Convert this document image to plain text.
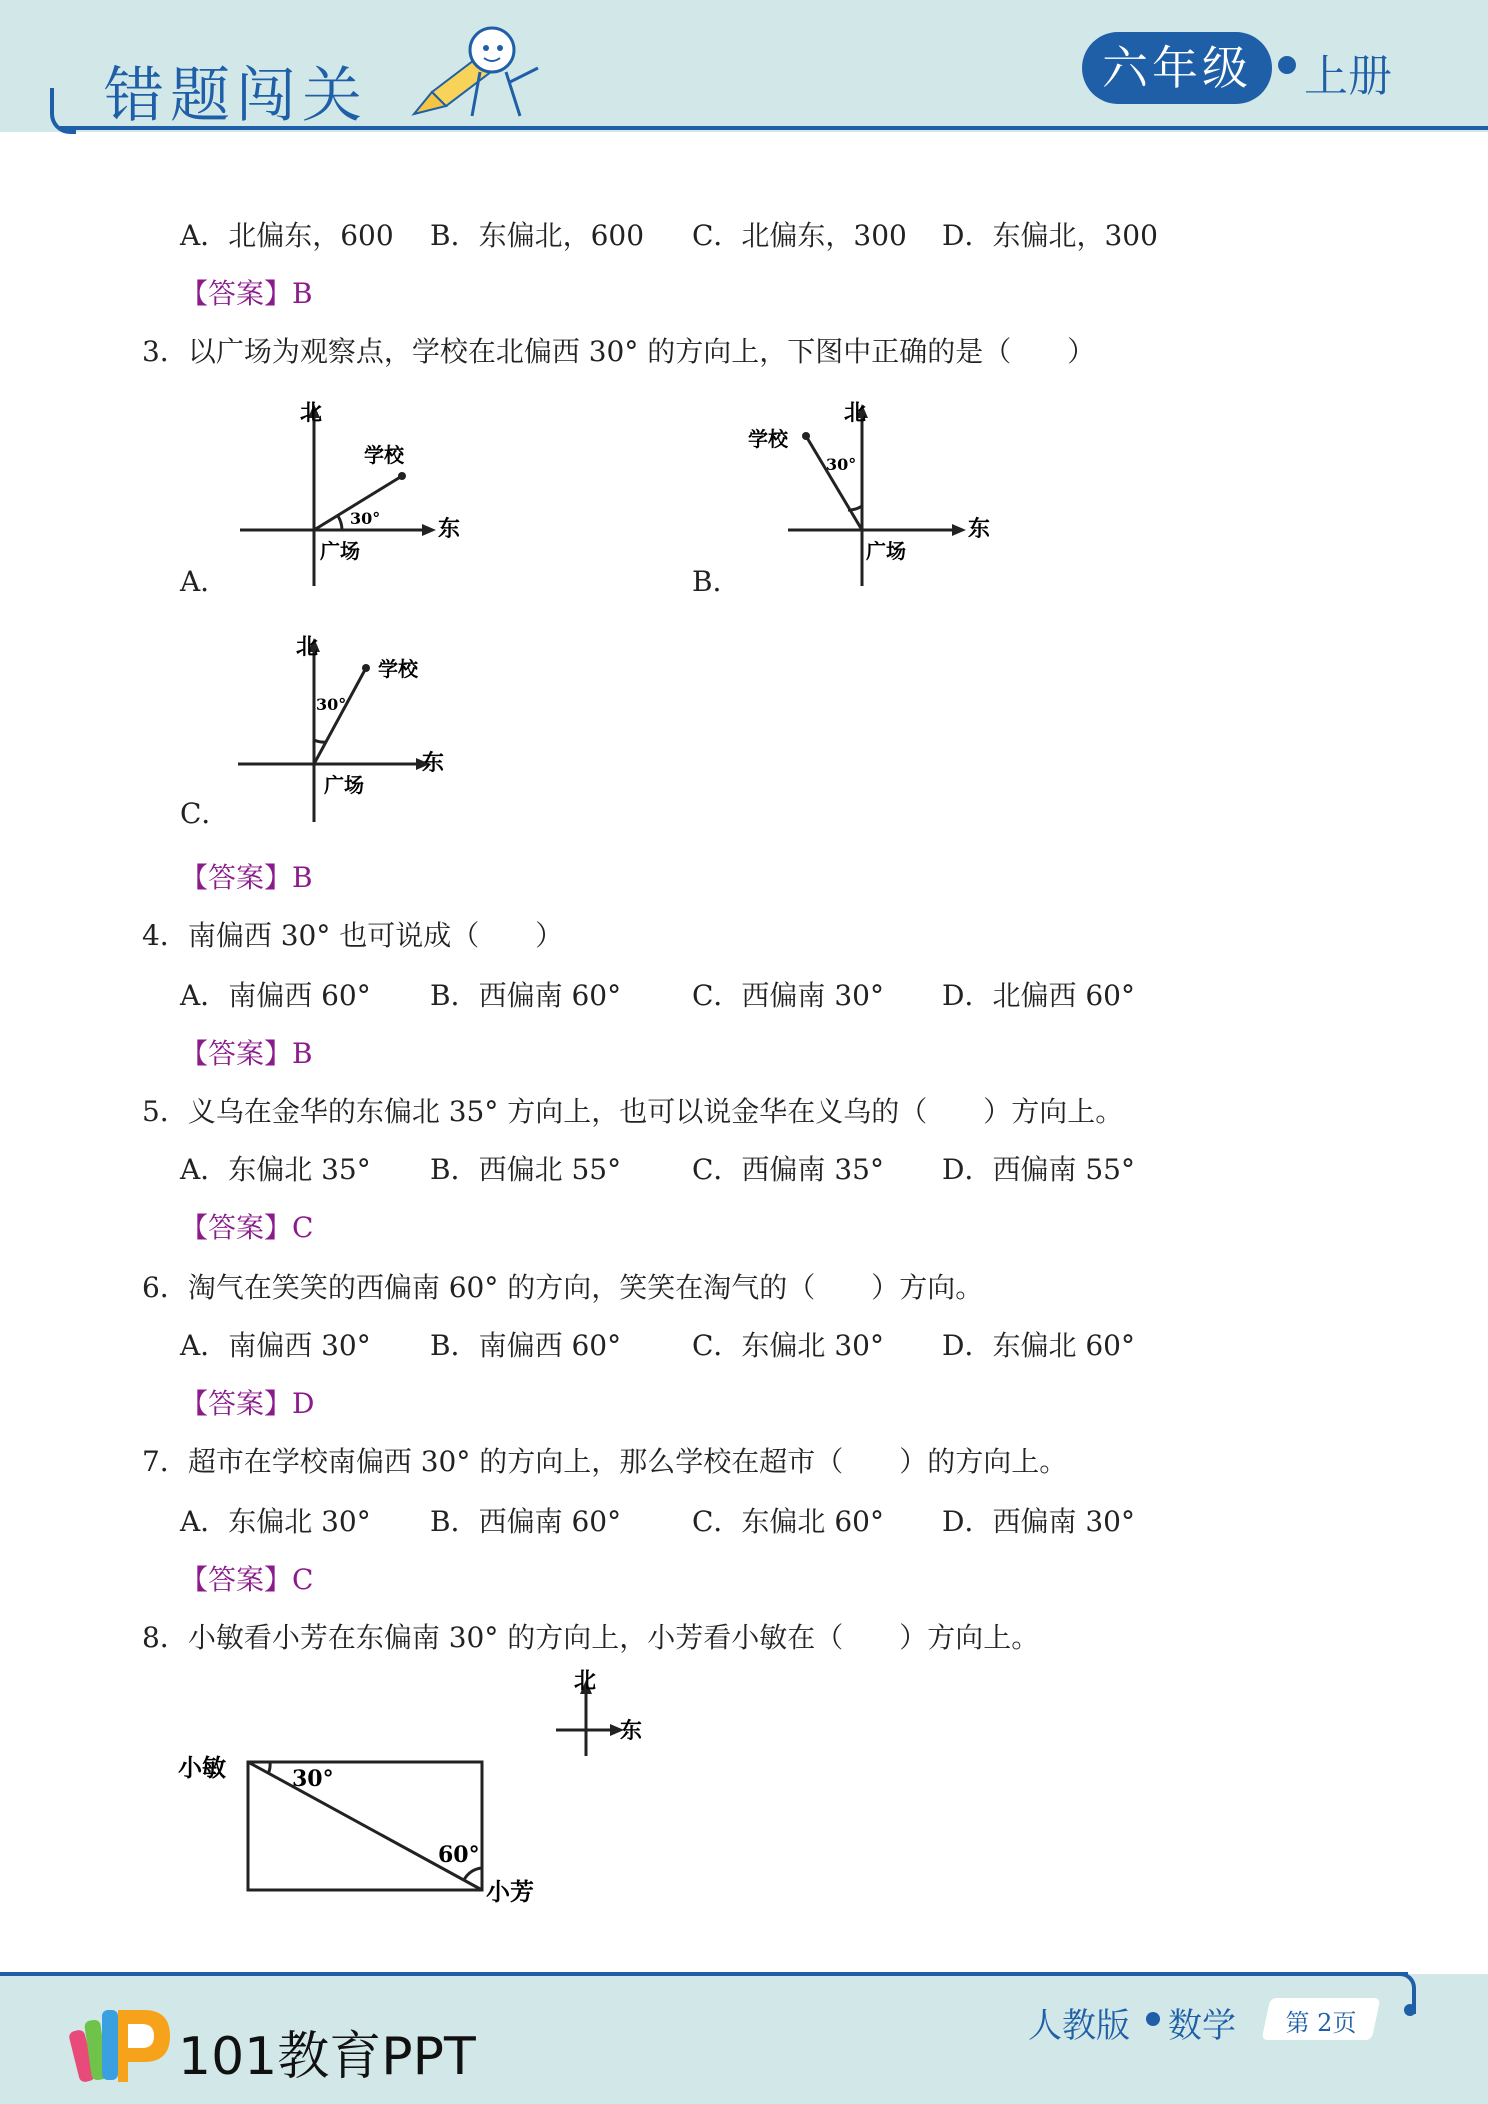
错题闯关	六年级	上册
A．北偏东，600 B．东偏北，600 C．北偏东，300 D．东偏北，300
【答案】B
3．以广场为观察点，学校在北偏西 30° 的方向上，下图中正确的是（　　）
A．
北
东
广场
学校
30°
B．
北
东
广场
学校
30°
C．
北
东
广场
学校
30°
【答案】B
4．南偏西 30° 也可说成（　　）
A．南偏西 60° B．西偏南 60°	C．西偏南 30° D．北偏西 60°
【答案】B
5．义乌在金华的东偏北 35° 方向上，也可以说金华在义乌的（　　）方向上。
A．东偏北 35° B．西偏北 55°	C．西偏南 35° D．西偏南 55°
【答案】C
6．淘气在笑笑的西偏南 60° 的方向，笑笑在淘气的（　　）方向。
A．南偏西 30° B．南偏西 60°	C．东偏北 30° D．东偏北 60°
【答案】D
7．超市在学校南偏西 30° 的方向上，那么学校在超市（　　）的方向上。
A．东偏北 30° B．西偏南 60°	C．东偏北 60° D．西偏南 30°
【答案】C
8．小敏看小芳在东偏南 30° 的方向上，小芳看小敏在（　　）方向上。
北
东
小敏
小芳
30°
60°
101教育PPT
人教版 数学	第 2页
